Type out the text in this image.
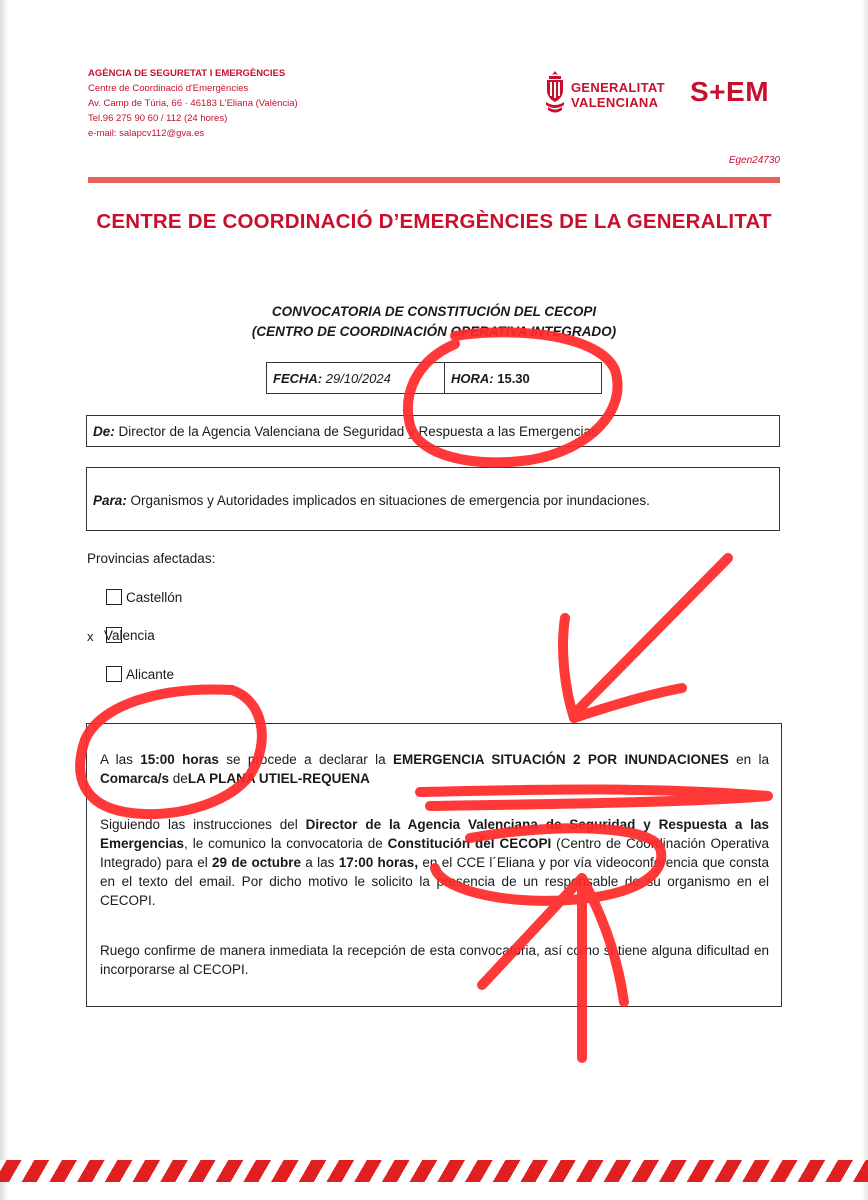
AGÈNCIA DE SEGURETAT I EMERGÈNCIES
Centre de Coordinació d'Emergències
Av. Camp de Túria, 66 · 46183 L'Eliana (València)
Tel.96 275 90 60 / 112 (24 hores)
e-mail: salapcv112@gva.es
GENERALITAT
VALENCIANA S+EM
Egen24730
CENTRE DE COORDINACIÓ D’EMERGÈNCIES DE LA GENERALITAT
CONVOCATORIA DE CONSTITUCIÓN DEL CECOPI
(CENTRO DE COORDINACIÓN OPERATIVA INTEGRADO)
FECHA: 29/10/2024	HORA: 15.30
De: Director de la Agencia Valenciana de Seguridad y Respuesta a las Emergencias
Para: Organismos y Autoridades implicados en situaciones de emergencia por inundaciones.
Provincias afectadas:
Castellón
x Valencia
Alicante
A las 15:00 horas se procede a declarar la EMERGENCIA SITUACIÓN 2 POR INUNDACIONES en la Comarca/s deLA PLANA UTIEL-REQUENA
Siguiendo las instrucciones del Director de la Agencia Valenciana de Seguridad y Respuesta a las Emergencias, le comunico la convocatoria de Constitución del CECOPI (Centro de Coordinación Operativa Integrado) para el 29 de octubre a las 17:00 horas, en el CCE l´Eliana y por vía videoconferencia que consta en el texto del email. Por dicho motivo le solicito la presencia de un responsable de su organismo en el CECOPI.
Ruego confirme de manera inmediata la recepción de esta convocatoria, así como si tiene alguna dificultad en incorporarse al CECOPI.
